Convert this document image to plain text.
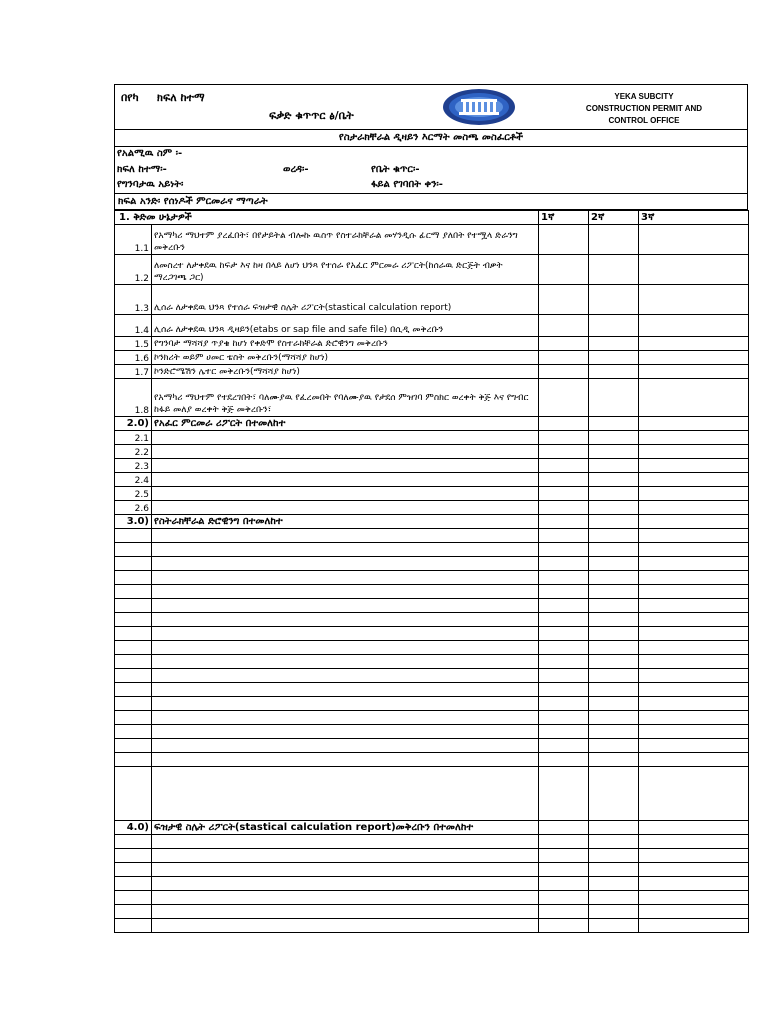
በየካ ክፍለ ከተማ
ፍቃድ ቁጥጥር ፅ/ቤት
YEKA SUBCITY
CONSTRUCTION PERMIT AND
CONTROL OFFICE
የስታራክቸራል ዲዛይን እርማት መስጫ መስፈርቶች
የአልሚዉ ስም ፡-
ክፍለ ከተማ፡-	ወረዳ፡-	የቤት ቁጥር፡-
የግንባታዉ አይነት፡	ፋይል የገባበት ቀን፡-
ክፍል አንድ፡ የሰነዶች ምርመራና ማጣራት
1. ቅድመ ሁኔታዎች		1ኛ	2ኛ	3ኛ
1.1	የአማካሪ ማህተም ያረፈበት፣ በየታይትል ብሎኩ ዉስጥ የስተራክቸራል መሃንዲሱ ፊርማ ያለበት የተሟላ ድራንግ መቅረቡን			
1.2	ለመስረተ ለታቀደዉ ከፍታ እና ከዛ በላይ ለሆነ ህንጻ የተሰራ የአፈር ምርመራ ሪፖርት(ከሰራዉ ድርጅት ብቃት ማረጋገጫ ጋር)			
1.3	ሊሰራ ለታቀደዉ ህንጻ የተሰራ ፍዝታዊ ስሌት ሪፖርት(stastical calculation report)			
1.4	ሊሰራ ለታቀደዉ ህንጻ ዲዛይን(etabs or sap file and safe file) በሲዲ መቅረቡን			
1.5	የግንባታ ማሻሻያ ጥያቄ ከሆነ የቀድሞ የስተራክቸራል ድሮዊንግ መቅረቡን			
1.6	ኮንክሪት ወይም ሀመር ቴስት መቅረቡን(ማሻሻያ ከሆነ)			
1.7	ኮንድሮሜሽን ሌተር መቅረቡን(ማሻሻያ ከሆነ)			
1.8	የአማካሪ ማህተም የተደረገበት፣ ባለሙያዉ የፈረመበት የባለሙያዉ የታደሰ ምዝገባ ምስክር ወረቀት ቅጅ እና የግብር ከፋይ መለያ ወረቀት ቅጅ መቅረቡን፣			
2.0)	የአፈር ምርመራ ሪፖርት በተመለከተ			
2.1				
2.2				
2.3				
2.4				
2.5				
2.6				
3.0)	የስትራክቸራል ድሮዊንግ በተመለከተ			

4.0)	ፍዝታዊ ስሌት ሪፖርት(stastical calculation report)መቅረቡን በተመለከተ			
